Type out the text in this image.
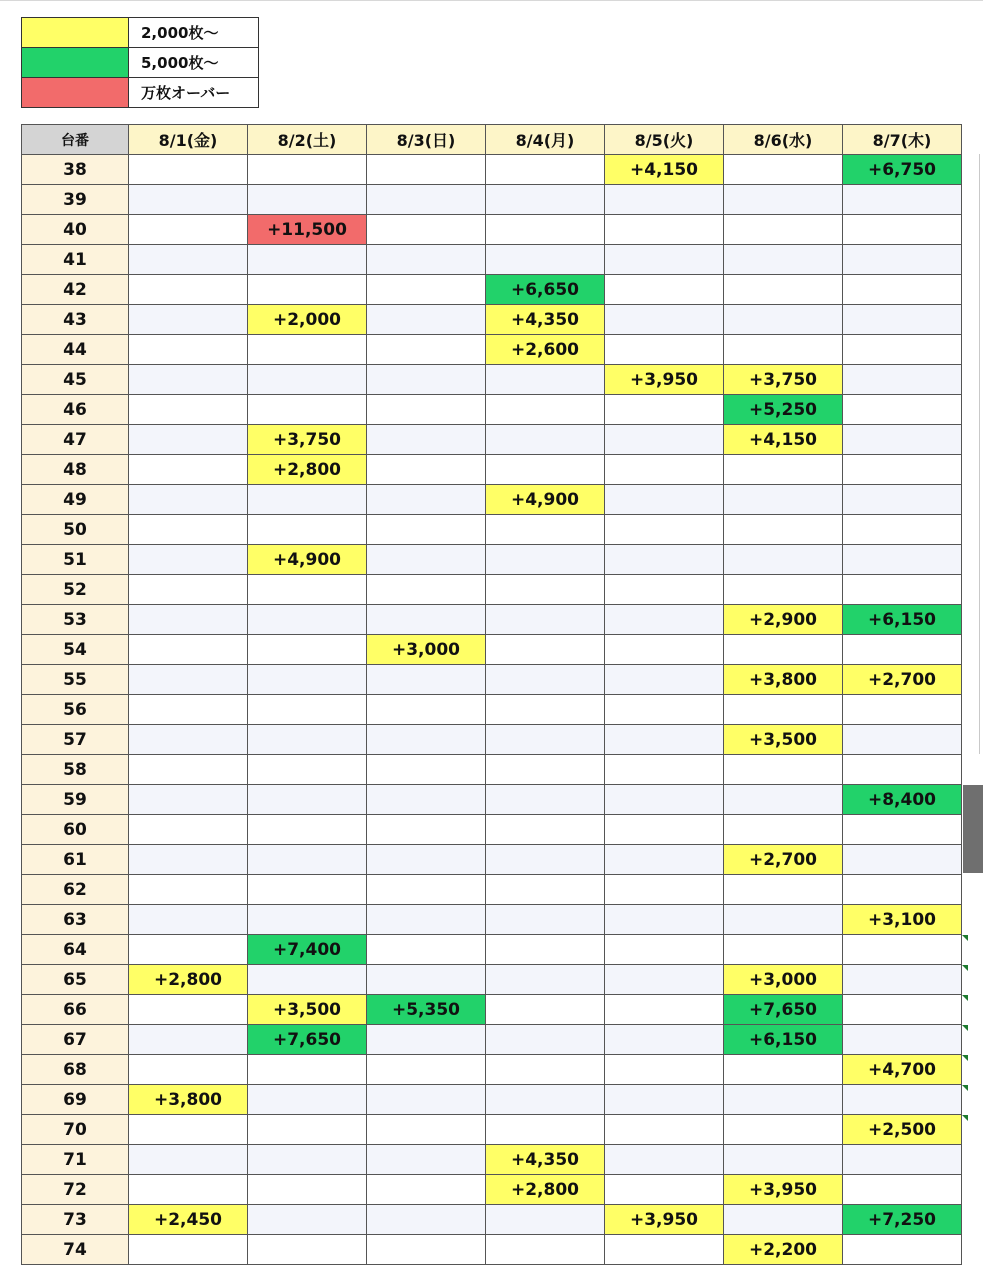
	2,000枚～
	5,000枚～
	万枚オーバー
台番	8/1(金)	8/2(土)	8/3(日)	8/4(月)	8/5(火)	8/6(水)	8/7(木)
38					+4,150		+6,750
39							
40		+11,500					
41							
42				+6,650			
43		+2,000		+4,350			
44				+2,600			
45					+3,950	+3,750	
46						+5,250	
47		+3,750				+4,150	
48		+2,800					
49				+4,900			
50							
51		+4,900					
52							
53						+2,900	+6,150
54			+3,000				
55						+3,800	+2,700
56							
57						+3,500	
58							
59							+8,400
60							
61						+2,700	
62							
63							+3,100
64		+7,400					
65	+2,800					+3,000	
66		+3,500	+5,350			+7,650	
67		+7,650				+6,150	
68							+4,700
69	+3,800						
70							+2,500
71				+4,350			
72				+2,800		+3,950	
73	+2,450				+3,950		+7,250
74						+2,200	
